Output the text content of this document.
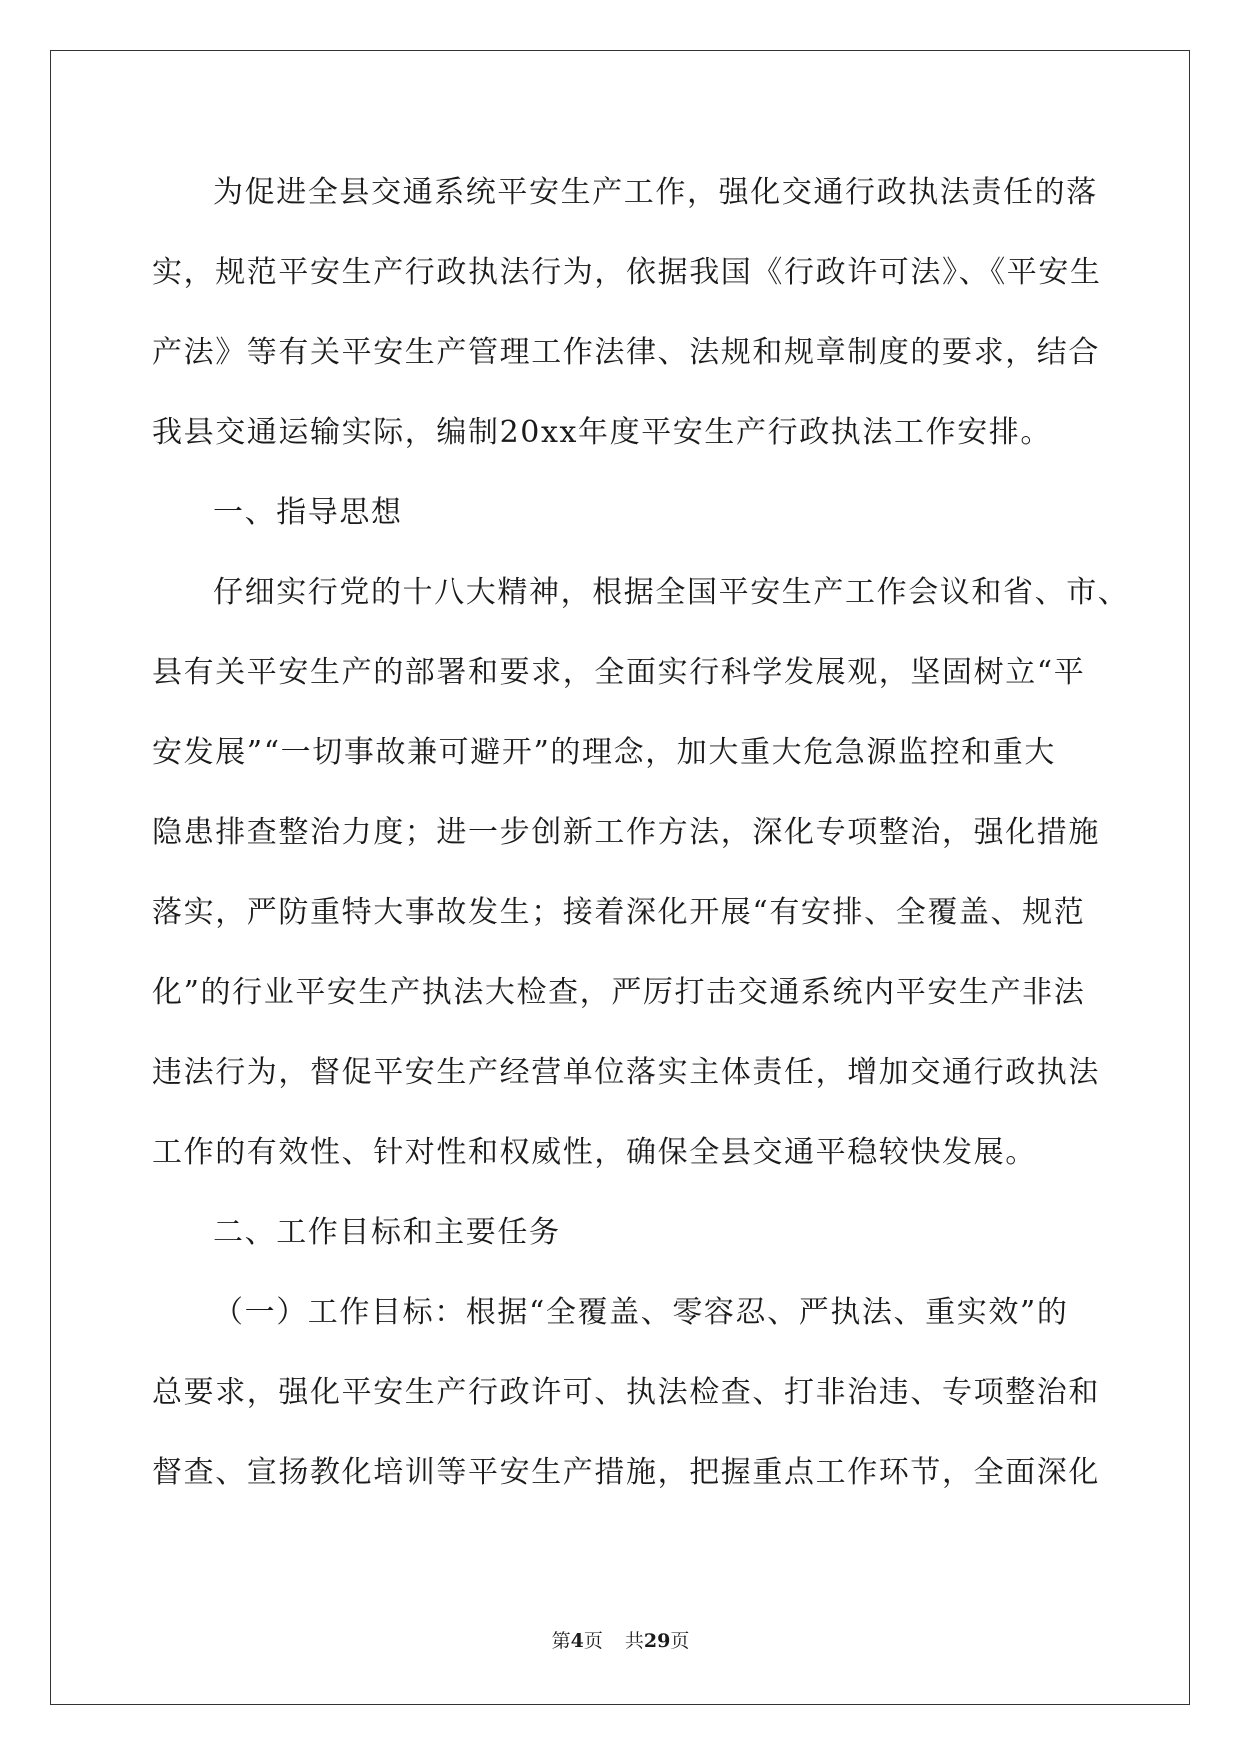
为促进全县交通系统平安生产工作，强化交通行政执法责任的落
实，规范平安生产行政执法行为，依据我国《行政许可法》、《平安生
产法》等有关平安生产管理工作法律、法规和规章制度的要求，结合
我县交通运输实际，编制20xx年度平安生产行政执法工作安排。
一、指导思想
仔细实行党的十八大精神，根据全国平安生产工作会议和省、市、
县有关平安生产的部署和要求，全面实行科学发展观，坚固树立“平
安发展”“一切事故兼可避开”的理念，加大重大危急源监控和重大
隐患排查整治力度；进一步创新工作方法，深化专项整治，强化措施
落实，严防重特大事故发生；接着深化开展“有安排、全覆盖、规范
化”的行业平安生产执法大检查，严厉打击交通系统内平安生产非法
违法行为，督促平安生产经营单位落实主体责任，增加交通行政执法
工作的有效性、针对性和权威性，确保全县交通平稳较快发展。
二、工作目标和主要任务
（一）工作目标：根据“全覆盖、零容忍、严执法、重实效”的
总要求，强化平安生产行政许可、执法检查、打非治违、专项整治和
督查、宣扬教化培训等平安生产措施，把握重点工作环节，全面深化
第4页 共29页
